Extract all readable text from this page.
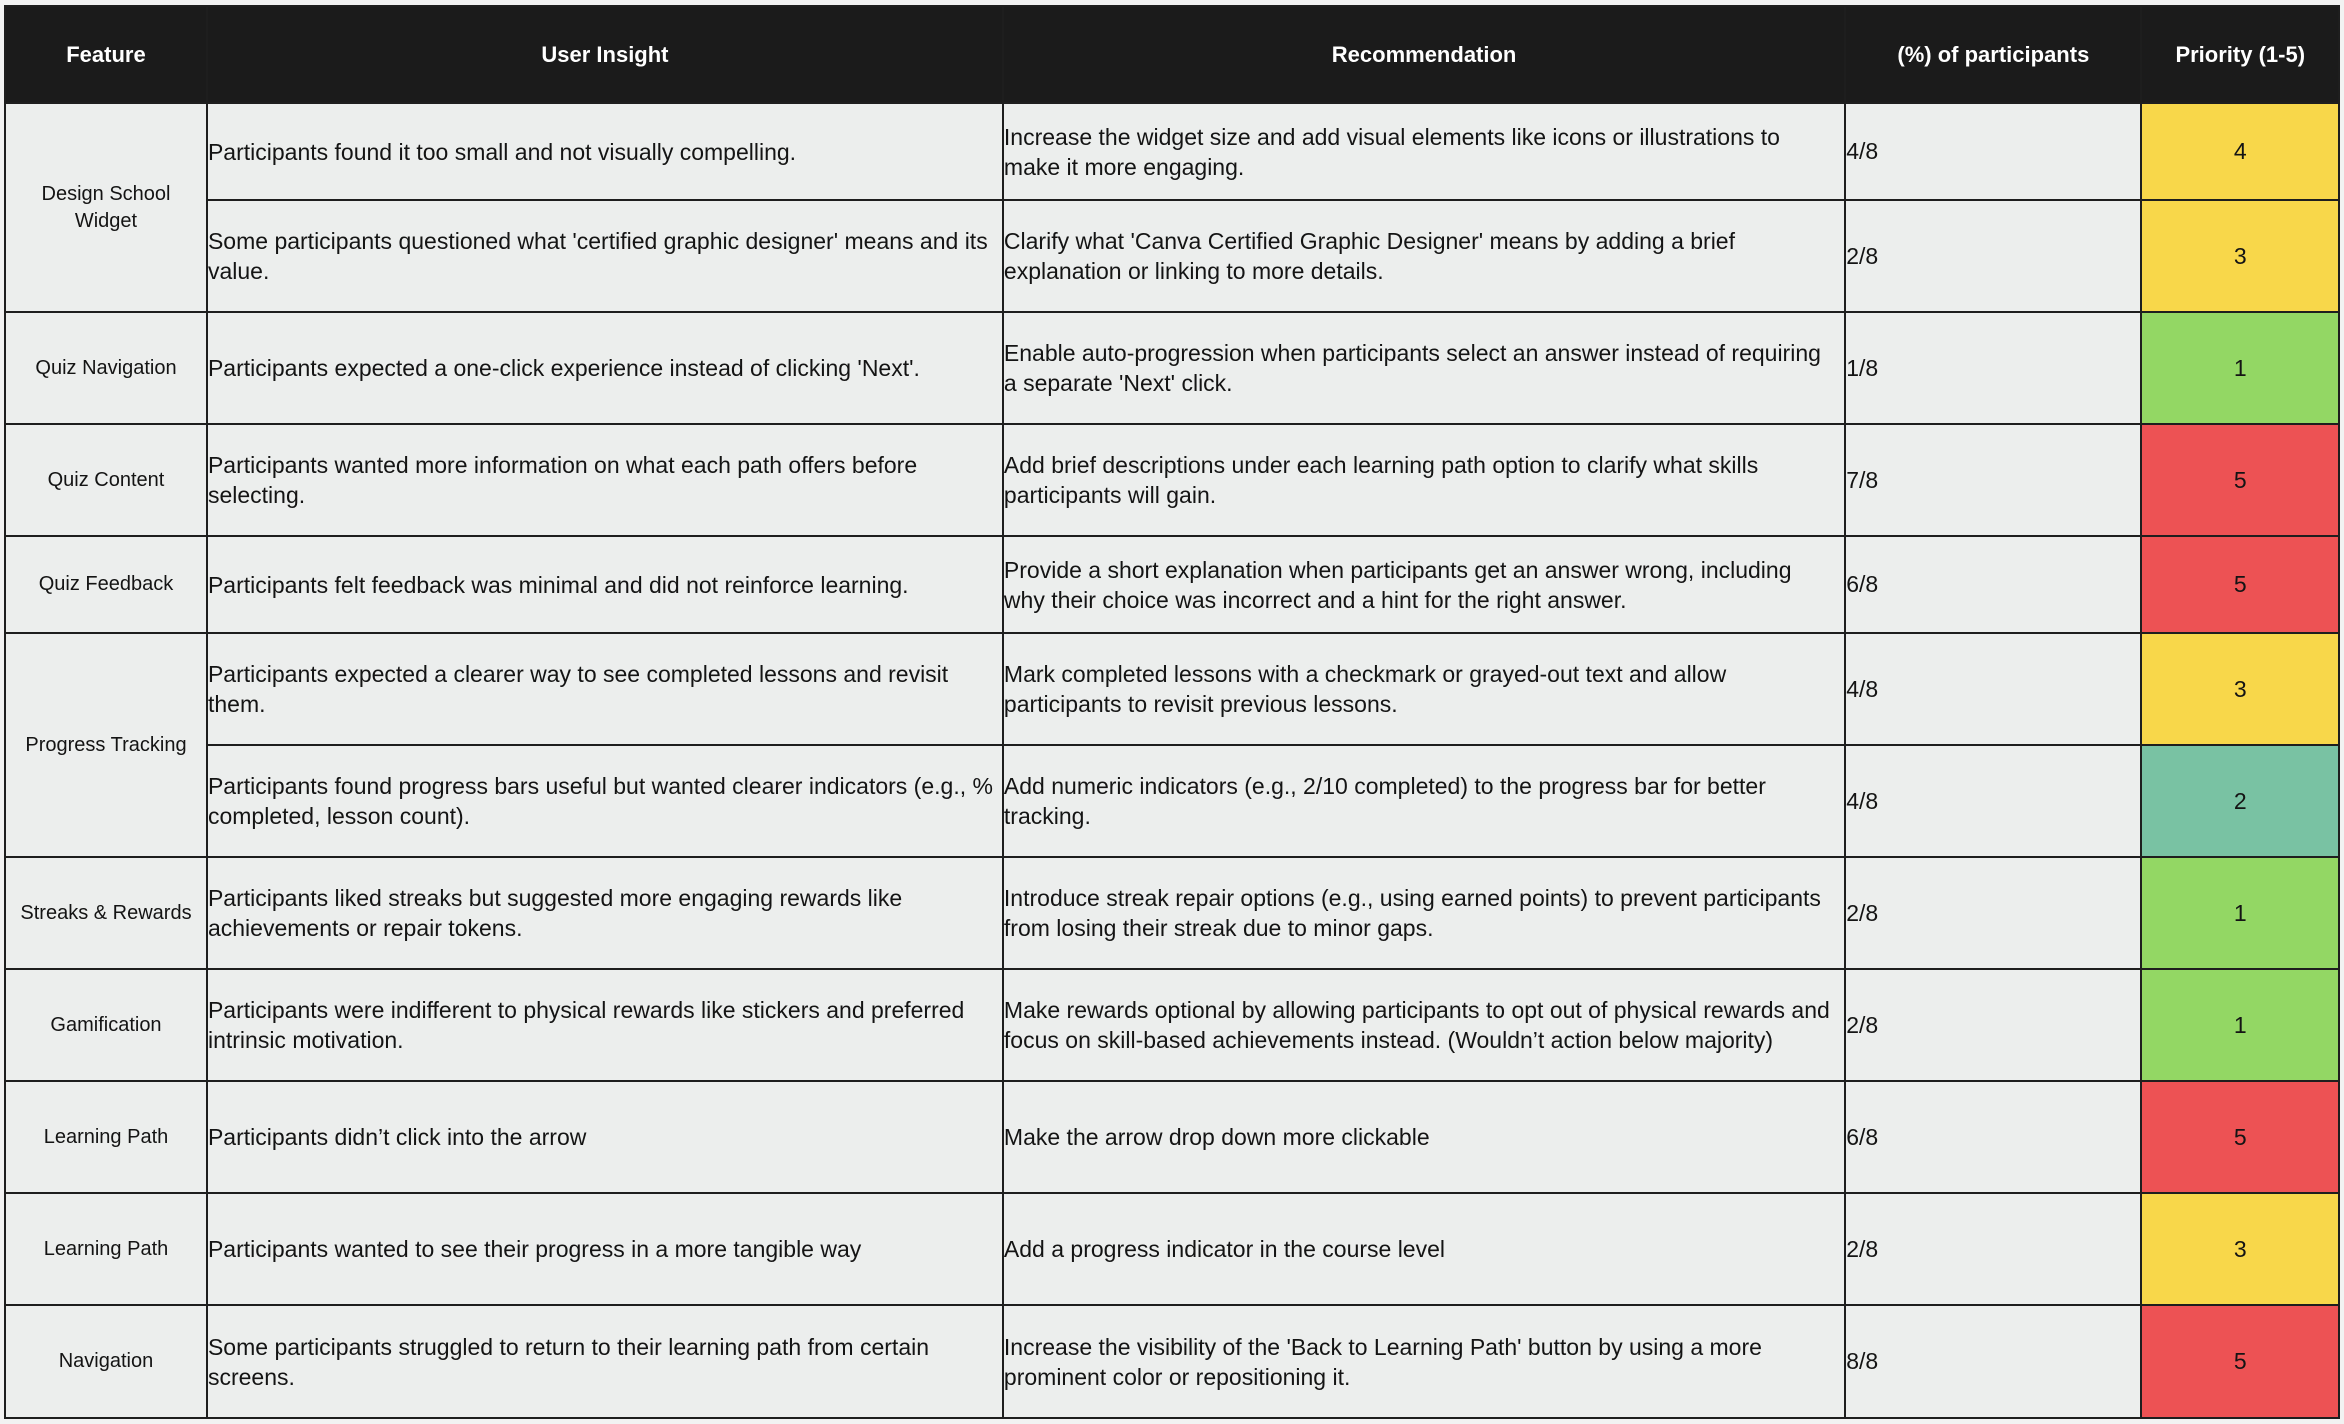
Feature	User Insight	Recommendation	(%) of participants	Priority (1-5)
Design School Widget	Participants found it too small and not visually compelling.	Increase the widget size and add visual elements like icons or illustrations to make it more engaging.	4/8	4
	Some participants questioned what 'certified graphic designer' means and its value.	Clarify what 'Canva Certified Graphic Designer' means by adding a brief explanation or linking to more details.	2/8	3
Quiz Navigation	Participants expected a one-click experience instead of clicking 'Next'.	Enable auto-progression when participants select an answer instead of requiring a separate 'Next' click.	1/8	1
Quiz Content	Participants wanted more information on what each path offers before selecting.	Add brief descriptions under each learning path option to clarify what skills participants will gain.	7/8	5
Quiz Feedback	Participants felt feedback was minimal and did not reinforce learning.	Provide a short explanation when participants get an answer wrong, including why their choice was incorrect and a hint for the right answer.	6/8	5
Progress Tracking	Participants expected a clearer way to see completed lessons and revisit them.	Mark completed lessons with a checkmark or grayed-out text and allow participants to revisit previous lessons.	4/8	3
	Participants found progress bars useful but wanted clearer indicators (e.g., % completed, lesson count).	Add numeric indicators (e.g., 2/10 completed) to the progress bar for better tracking.	4/8	2
Streaks & Rewards	Participants liked streaks but suggested more engaging rewards like achievements or repair tokens.	Introduce streak repair options (e.g., using earned points) to prevent participants from losing their streak due to minor gaps.	2/8	1
Gamification	Participants were indifferent to physical rewards like stickers and preferred intrinsic motivation.	Make rewards optional by allowing participants to opt out of physical rewards and focus on skill-based achievements instead. (Wouldn’t action below majority)	2/8	1
Learning Path	Participants didn’t click into the arrow	Make the arrow drop down more clickable	6/8	5
Learning Path	Participants wanted to see their progress in a more tangible way	Add a progress indicator in the course level	2/8	3
Navigation	Some participants struggled to return to their learning path from certain screens.	Increase the visibility of the 'Back to Learning Path' button by using a more prominent color or repositioning it.	8/8	5
